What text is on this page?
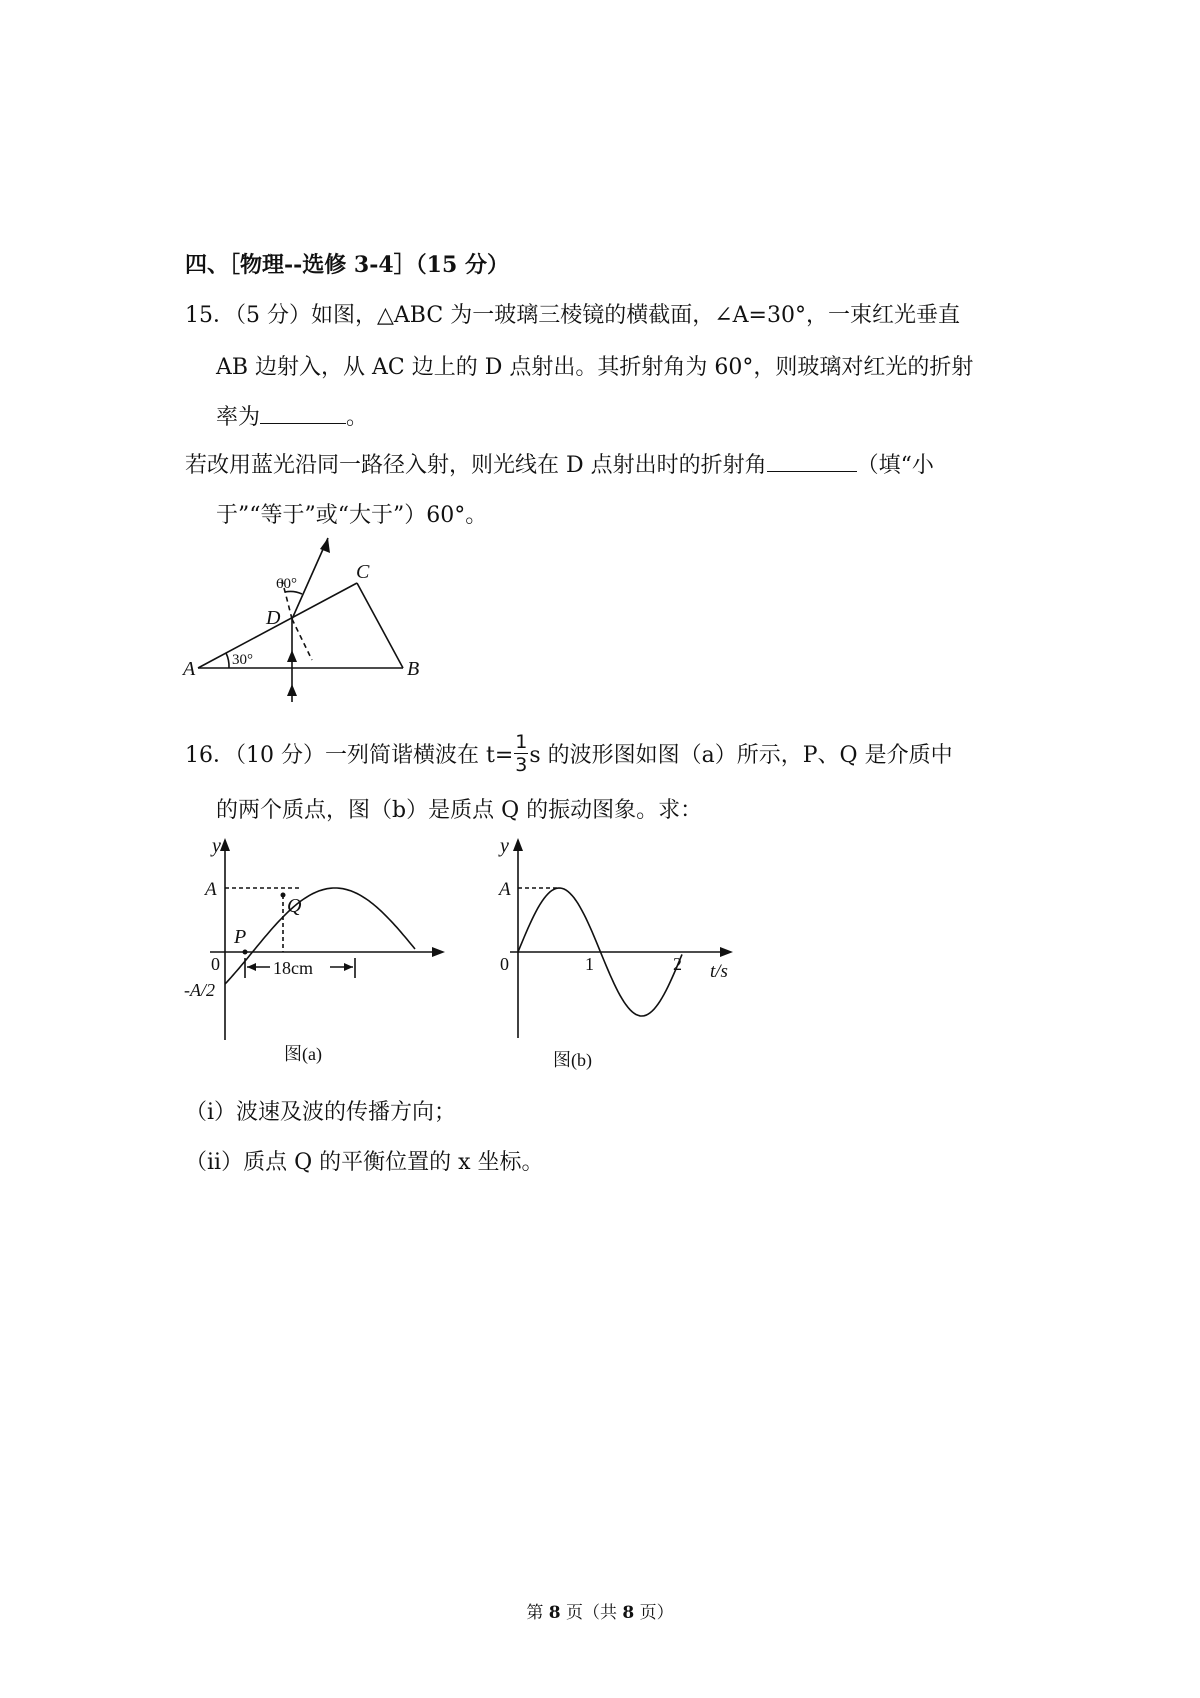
四、［物理--选修 3-4］（15 分）
15．（5 分）如图，△ABC 为一玻璃三棱镜的横截面，∠A=30°，一束红光垂直
AB 边射入，从 AC 边上的 D 点射出。其折射角为 60°，则玻璃对红光的折射
率为	。
若改用蓝光沿同一路径入射，则光线在 D 点射出时的折射角	（填“小
于”“等于”或“大于”）60°。
A	B
C
D
30°
60°
16．（10 分）一列简谐横波在 $t= \frac{1}{3}$ s 的波形图如图（a）所示，P、Q 是介质中
的两个质点，图（b）是质点 Q 的振动图象。求：
y
A
0
-A/2
P
Q
18cm
图(a)
y
A
0	1	2 t/s
图(b)
（i）波速及波的传播方向；
（ii）质点 Q 的平衡位置的 x 坐标。
第 8 页（共 8 页）
